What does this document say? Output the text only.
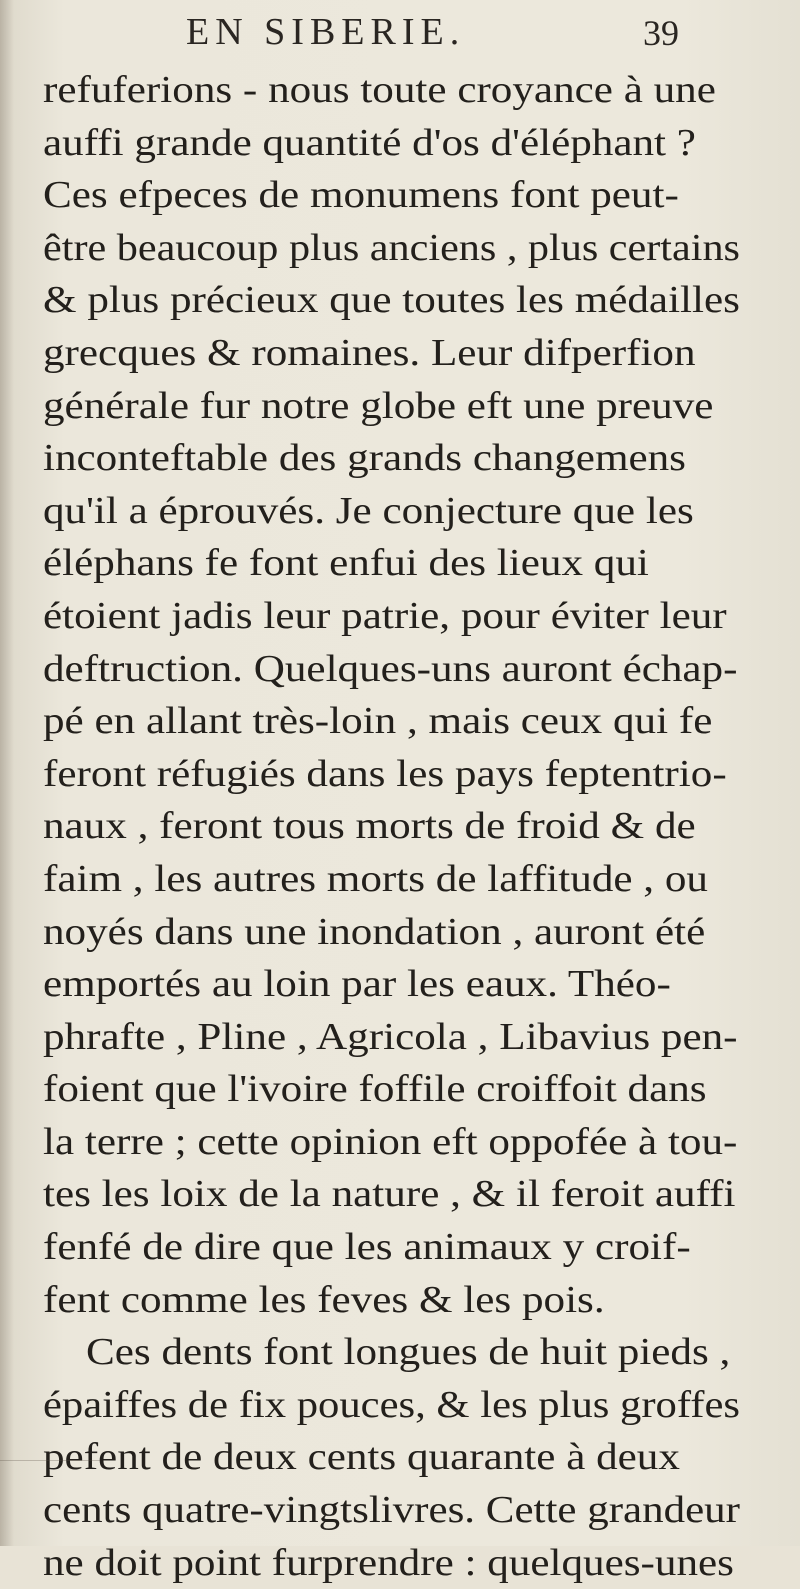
EN SIBERIE.	39
refuferions - nous toute croyance à une
auffi grande quantité d'os d'éléphant ?
Ces efpeces de monumens font peut-
être beaucoup plus anciens , plus certains
& plus précieux que toutes les médailles
grecques & romaines. Leur difperfion
générale fur notre globe eft une preuve
inconteftable des grands changemens
qu'il a éprouvés. Je conjecture que les
éléphans fe font enfui des lieux qui
étoient jadis leur patrie, pour éviter leur
deftruction. Quelques-uns auront échap-
pé en allant très-loin , mais ceux qui fe
feront réfugiés dans les pays feptentrio-
naux , feront tous morts de froid & de
faim , les autres morts de laffitude , ou
noyés dans une inondation , auront été
emportés au loin par les eaux. Théo-
phrafte , Pline , Agricola , Libavius pen-
foient que l'ivoire foffile croiffoit dans
la terre ; cette opinion eft oppofée à tou-
tes les loix de la nature , & il feroit auffi
fenfé de dire que les animaux y croif-
fent comme les feves & les pois.
Ces dents font longues de huit pieds ,
épaiffes de fix pouces, & les plus groffes
pefent de deux cents quarante à deux
cents quatre-vingtslivres. Cette grandeur
ne doit point furprendre : quelques-unes
